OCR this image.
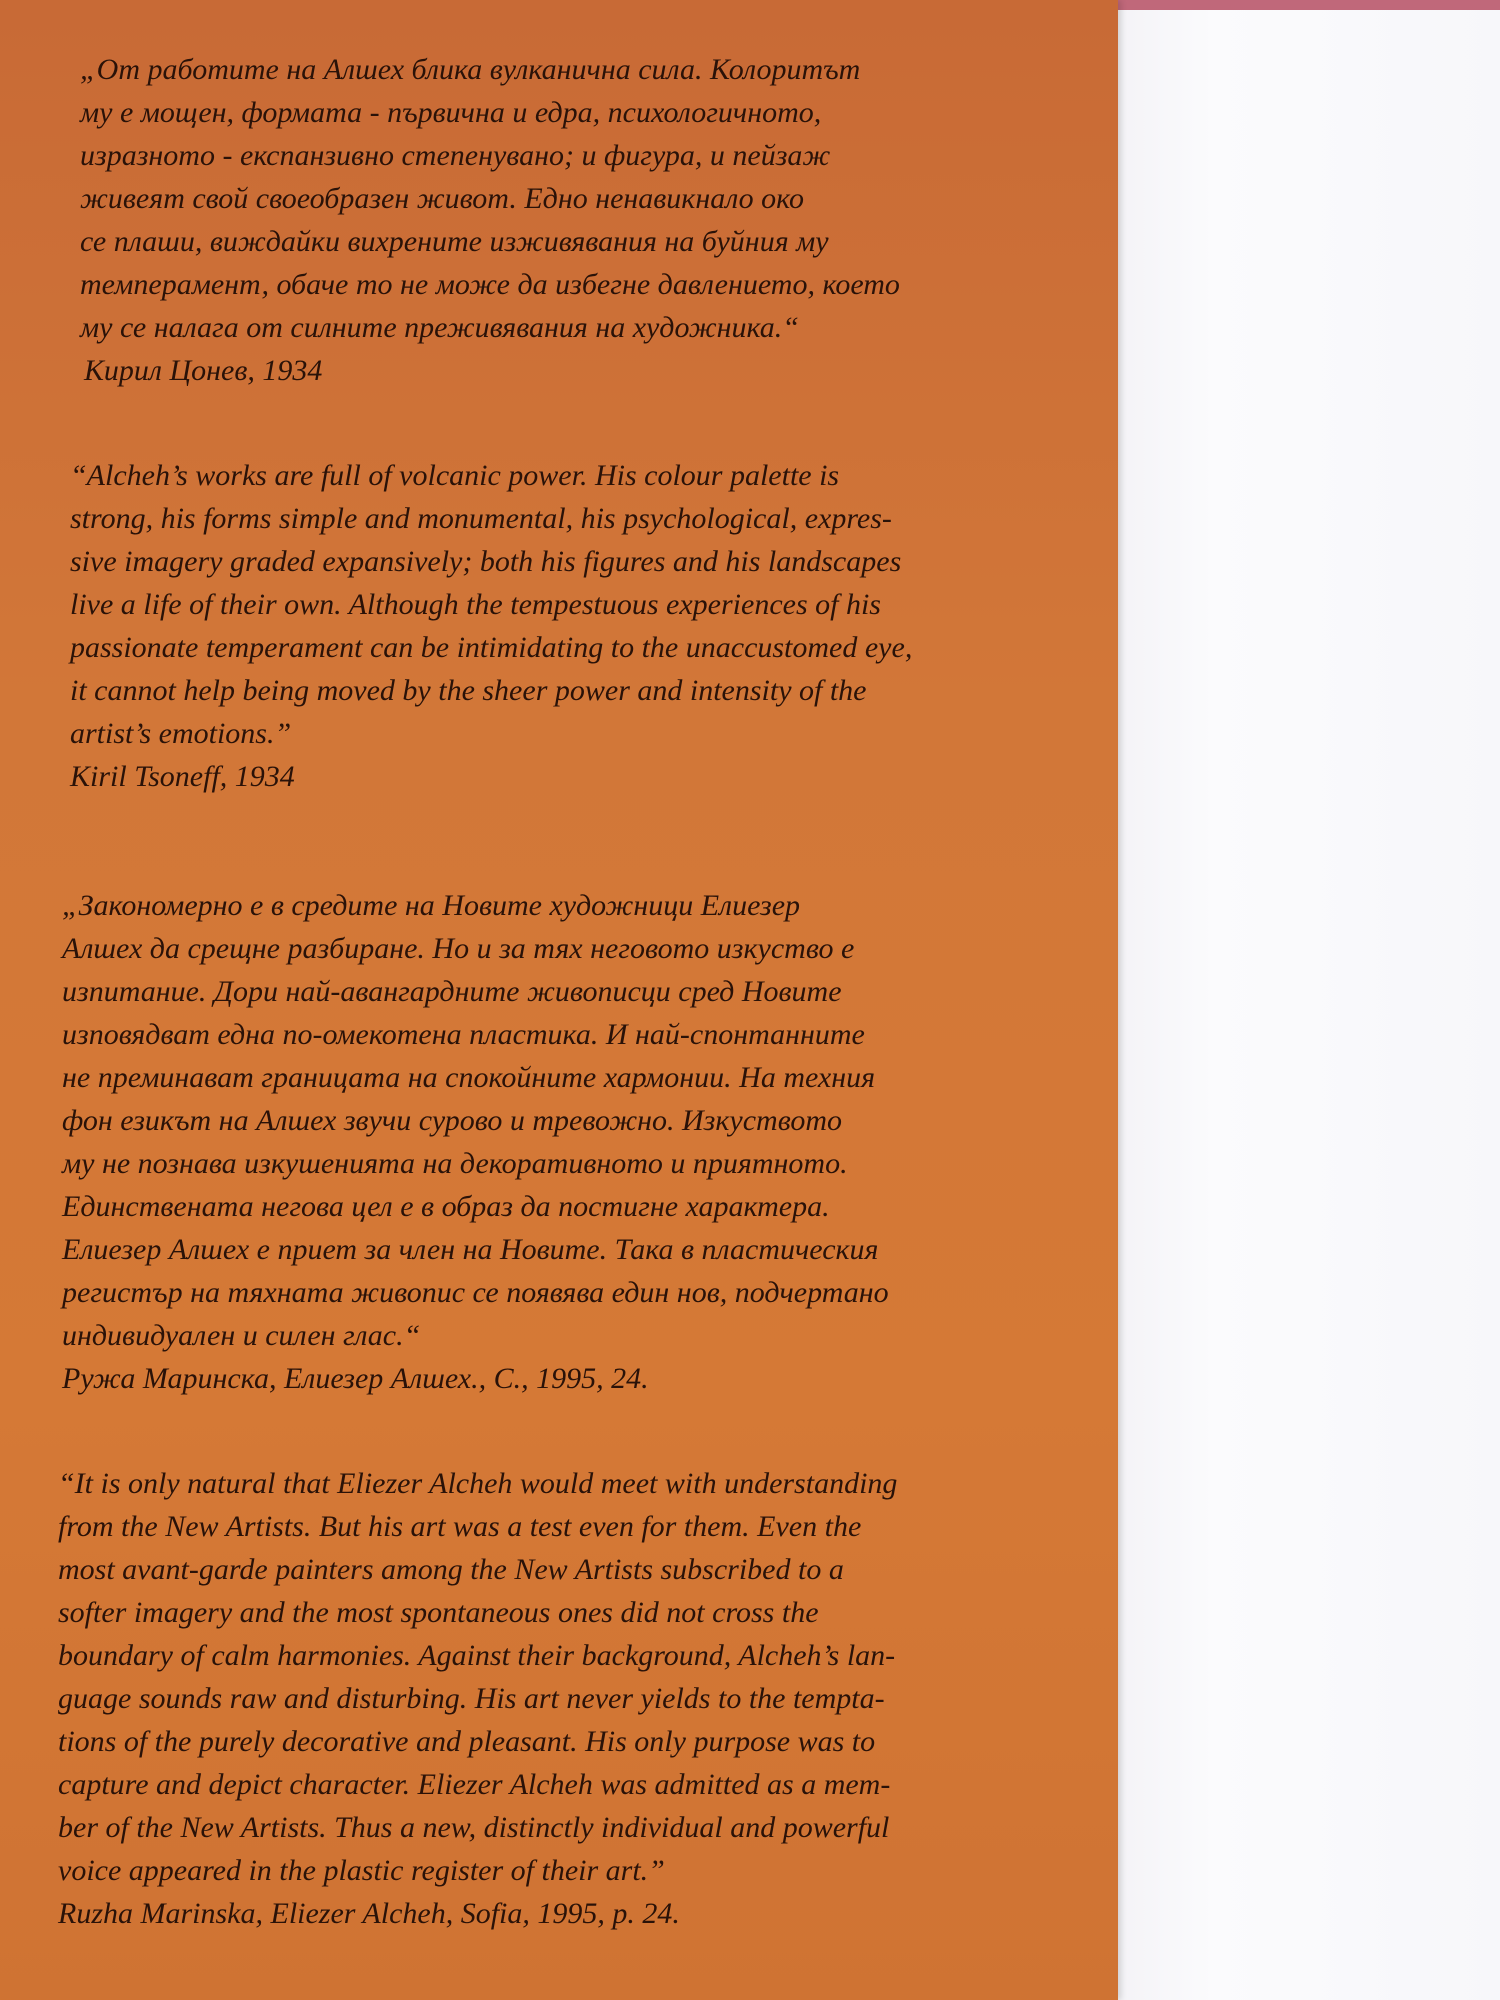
„От работите на Алшех блика вулканична сила. Колоритът
му е мощен, формата - първична и едра, психологичното,
изразното - експанзивно степенувано; и фигура, и пейзаж
живеят свой своеобразен живот. Едно ненавикнало око
се плаши, виждайки вихрените изживявания на буйния му
темперамент, обаче то не може да избегне давлението, което
му се налага от силните преживявания на художника.“

Кирил Цонев, 1934

“Alcheh’s works are full of volcanic power. His colour palette is
strong, his forms simple and monumental, his psychological, expres-
sive imagery graded expansively; both his figures and his landscapes
live a life of their own. Although the tempestuous experiences of his
passionate temperament can be intimidating to the unaccustomed eye,
it cannot help being moved by the sheer power and intensity of the
artist’s emotions.”

Kiril Tsoneff, 1934

„Закономерно е в средите на Новите художници Елиезер
Алшех да срещне разбиране. Но и за тях неговото изкуство е
изпитание. Дори най-авангардните живописци сред Новите
изповядват една по-омекотена пластика. И най-спонтанните
не преминават границата на спокойните хармонии. На техния
фон езикът на Алшех звучи сурово и тревожно. Изкуството
му не познава изкушенията на декоративното и приятното.
Единствената негова цел е в образ да постигне характера.
Елиезер Алшех е приет за член на Новите. Така в пластическия
регистър на тяхната живопис се появява един нов, подчертано
индивидуален и силен глас.“

Ружа Маринска, Елиезер Алшех., С., 1995, 24.

“It is only natural that Eliezer Alcheh would meet with understanding
from the New Artists. But his art was a test even for them. Even the
most avant-garde painters among the New Artists subscribed to a
softer imagery and the most spontaneous ones did not cross the
boundary of calm harmonies. Against their background, Alcheh’s lan-
guage sounds raw and disturbing. His art never yields to the tempta-
tions of the purely decorative and pleasant. His only purpose was to
capture and depict character. Eliezer Alcheh was admitted as a mem-
ber of the New Artists. Thus a new, distinctly individual and powerful
voice appeared in the plastic register of their art.”

Ruzha Marinska, Eliezer Alcheh, Sofia, 1995, p. 24.
